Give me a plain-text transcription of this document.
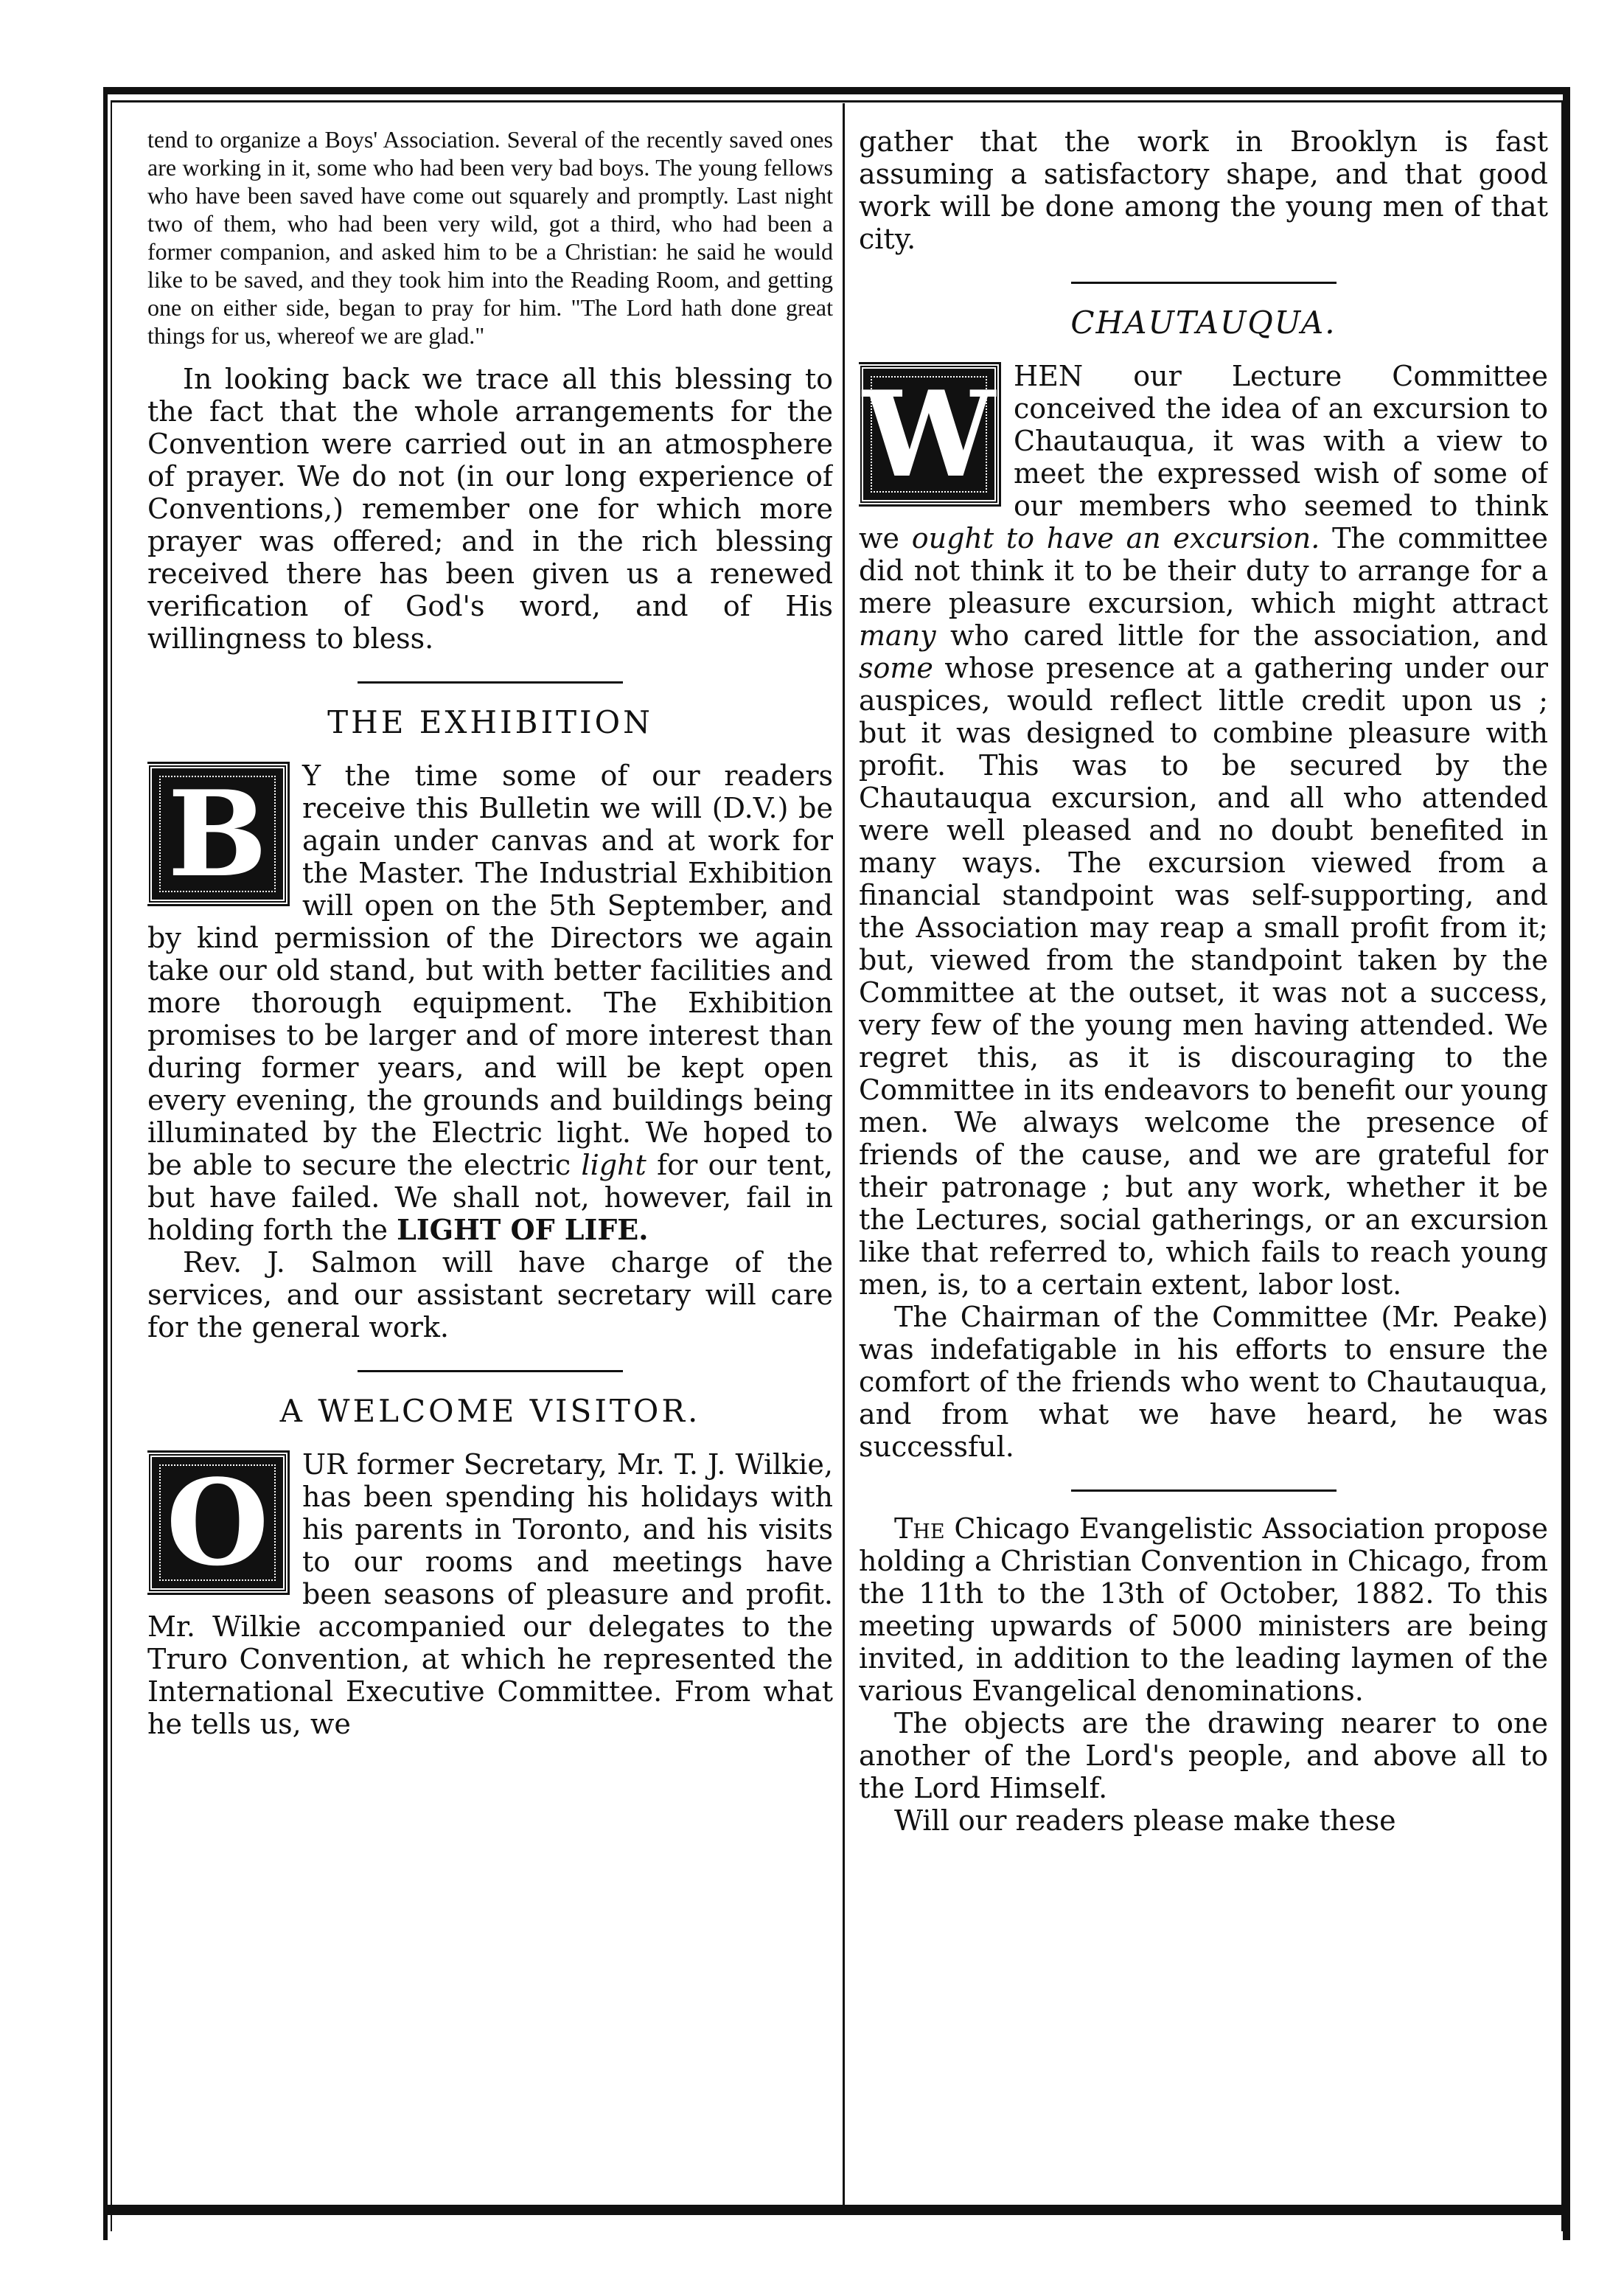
tend to organize a Boys' Association. Several of the recently saved ones are working in it, some who had been very bad boys. The young fellows who have been saved have come out squarely and promptly. Last night two of them, who had been very wild, got a third, who had been a former companion, and asked him to be a Christian: he said he would like to be saved, and they took him into the Reading Room, and getting one on either side, began to pray for him. "The Lord hath done great things for us, whereof we are glad."

In looking back we trace all this blessing to the fact that the whole arrangements for the Convention were carried out in an atmosphere of prayer. We do not (in our long experience of Conventions,) remember one for which more prayer was offered; and in the rich blessing received there has been given us a renewed verification of God's word, and of His willingness to bless.

THE EXHIBITION
B	Y the time some of our readers receive this Bulletin we will (D.V.) be again under canvas and at work for the Master. The Industrial Exhibition will open on the 5th September, and by kind permission of the Directors we again take our old stand, but with better facilities and more thorough equipment. The Exhibition promises to be larger and of more interest than during former years, and will be kept open every evening, the grounds and buildings being illuminated by the Electric light. We hoped to be able to secure the electric light for our tent, but have failed. We shall not, however, fail in holding forth the LIGHT OF LIFE.

Rev. J. Salmon will have charge of the services, and our assistant secretary will care for the general work.

A WELCOME VISITOR.
O	UR former Secretary, Mr. T. J. Wilkie, has been spending his holidays with his parents in Toronto, and his visits to our rooms and meetings have been seasons of pleasure and profit. Mr. Wilkie accompanied our delegates to the Truro Convention, at which he represented the International Executive Committee. From what he tells us, we

gather that the work in Brooklyn is fast assuming a satisfactory shape, and that good work will be done among the young men of that city.

CHAUTAUQUA.
W HEN our Lecture Committee conceived the idea of an excursion to Chautauqua, it was with a view to meet the expressed wish of some of our members who seemed to think we ought to have an excursion. The committee did not think it to be their duty to arrange for a mere pleasure excursion, which might attract many who cared little for the association, and some whose presence at a gathering under our auspices, would reflect little credit upon us ; but it was designed to combine pleasure with profit. This was to be secured by the Chautauqua excursion, and all who attended were well pleased and no doubt benefited in many ways. The excursion viewed from a financial standpoint was self-supporting, and the Association may reap a small profit from it; but, viewed from the standpoint taken by the Committee at the outset, it was not a success, very few of the young men having attended. We regret this, as it is discouraging to the Committee in its endeavors to benefit our young men. We always welcome the presence of friends of the cause, and we are grateful for their patronage ; but any work, whether it be the Lectures, social gatherings, or an excursion like that referred to, which fails to reach young men, is, to a certain extent, labor lost.

The Chairman of the Committee (Mr. Peake) was indefatigable in his efforts to ensure the comfort of the friends who went to Chautauqua, and from what we have heard, he was successful.

The Chicago Evangelistic Association propose holding a Christian Convention in Chicago, from the 11th to the 13th of October, 1882. To this meeting upwards of 5000 ministers are being invited, in addition to the leading laymen of the various Evangelical denominations.

The objects are the drawing nearer to one another of the Lord's people, and above all to the Lord Himself.

Will our readers please make these
